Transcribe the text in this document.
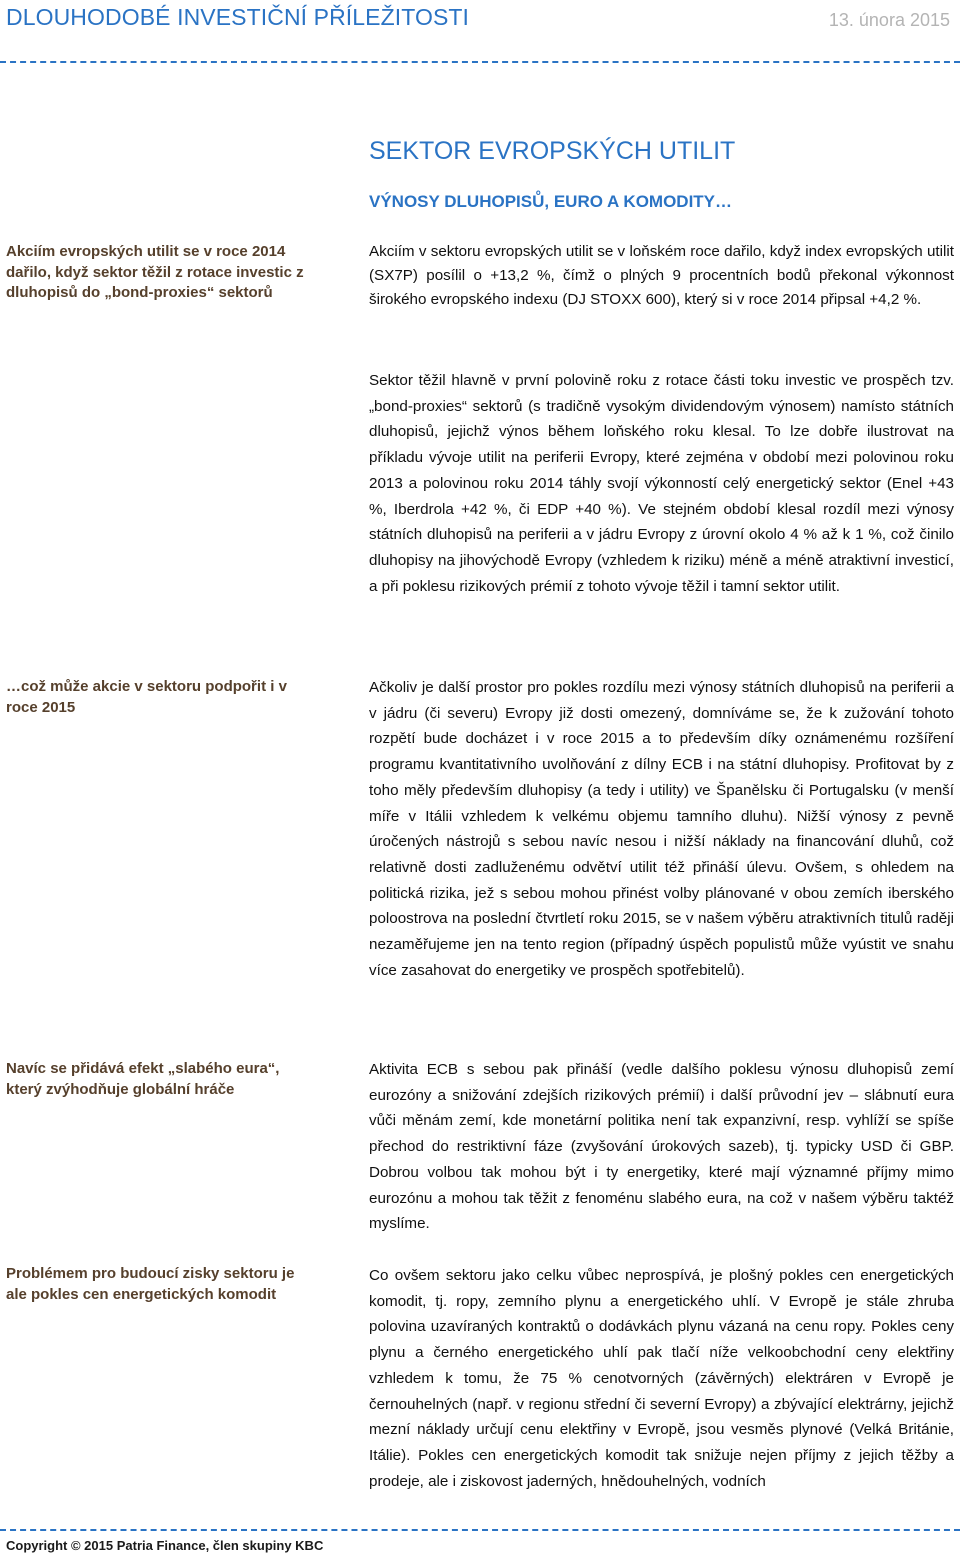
DLOUHODOBÉ INVESTIČNÍ PŘÍLEŽITOSTI	13. února 2015
SEKTOR EVROPSKÝCH UTILIT
VÝNOSY DLUHOPISŮ, EURO A KOMODITY…
Akciím evropských utilit se v roce 2014 dařilo, když sektor těžil z rotace investic z dluhopisů do „bond-proxies“ sektorů
…což může akcie v sektoru podpořit i v roce 2015
Navíc se přidává efekt „slabého eura“, který zvýhodňuje globální hráče
Problémem pro budoucí zisky sektoru je ale pokles cen energetických komodit
Akciím v sektoru evropských utilit se v loňském roce dařilo, když index evropských utilit (SX7P) posílil o +13,2 %, čímž o plných 9 procentních bodů překonal výkonnost širokého evropského indexu (DJ STOXX 600), který si v roce 2014 připsal +4,2 %.
Sektor těžil hlavně v první polovině roku z rotace části toku investic ve prospěch tzv. „bond-proxies“ sektorů (s tradičně vysokým dividendovým výnosem) namísto státních dluhopisů, jejichž výnos během loňského roku klesal. To lze dobře ilustrovat na příkladu vývoje utilit na periferii Evropy, které zejména v období mezi polovinou roku 2013 a polovinou roku 2014 táhly svojí výkonností celý energetický sektor (Enel +43 %, Iberdrola +42 %, či EDP +40 %). Ve stejném období klesal rozdíl mezi výnosy státních dluhopisů na periferii a v jádru Evropy z úrovní okolo 4 % až k 1 %, což činilo dluhopisy na jihovýchodě Evropy (vzhledem k riziku) méně a méně atraktivní investicí, a při poklesu rizikových prémií z tohoto vývoje těžil i tamní sektor utilit.
Ačkoliv je další prostor pro pokles rozdílu mezi výnosy státních dluhopisů na periferii a v jádru (či severu) Evropy již dosti omezený, domníváme se, že k zužování tohoto rozpětí bude docházet i v roce 2015 a to především díky oznámenému rozšíření programu kvantitativního uvolňování z dílny ECB i na státní dluhopisy. Profitovat by z toho měly především dluhopisy (a tedy i utility) ve Španělsku či Portugalsku (v menší míře v Itálii vzhledem k velkému objemu tamního dluhu). Nižší výnosy z pevně úročených nástrojů s sebou navíc nesou i nižší náklady na financování dluhů, což relativně dosti zadluženému odvětví utilit též přináší úlevu. Ovšem, s ohledem na politická rizika, jež s sebou mohou přinést volby plánované v obou zemích iberského poloostrova na poslední čtvrtletí roku 2015, se v našem výběru atraktivních titulů raději nezaměřujeme jen na tento region (případný úspěch populistů může vyústit ve snahu více zasahovat do energetiky ve prospěch spotřebitelů).
Aktivita ECB s sebou pak přináší (vedle dalšího poklesu výnosu dluhopisů zemí eurozóny a snižování zdejších rizikových prémií) i další průvodní jev – slábnutí eura vůči měnám zemí, kde monetární politika není tak expanzivní, resp. vyhlíží se spíše přechod do restriktivní fáze (zvyšování úrokových sazeb), tj. typicky USD či GBP. Dobrou volbou tak mohou být i ty energetiky, které mají významné příjmy mimo eurozónu a mohou tak těžit z fenoménu slabého eura, na což v našem výběru taktéž myslíme.
Co ovšem sektoru jako celku vůbec neprospívá, je plošný pokles cen energetických komodit, tj. ropy, zemního plynu a energetického uhlí. V Evropě je stále zhruba polovina uzavíraných kontraktů o dodávkách plynu vázaná na cenu ropy. Pokles ceny plynu a černého energetického uhlí pak tlačí níže velkoobchodní ceny elektřiny vzhledem k tomu, že 75 % cenotvorných (závěrných) elektráren v Evropě je černouhelných (např. v regionu střední či severní Evropy) a zbývající elektrárny, jejichž mezní náklady určují cenu elektřiny v Evropě, jsou vesměs plynové (Velká Británie, Itálie). Pokles cen energetických komodit tak snižuje nejen příjmy z jejich těžby a prodeje, ale i ziskovost jaderných, hnědouhelných, vodních
Copyright © 2015 Patria Finance, člen skupiny KBC
